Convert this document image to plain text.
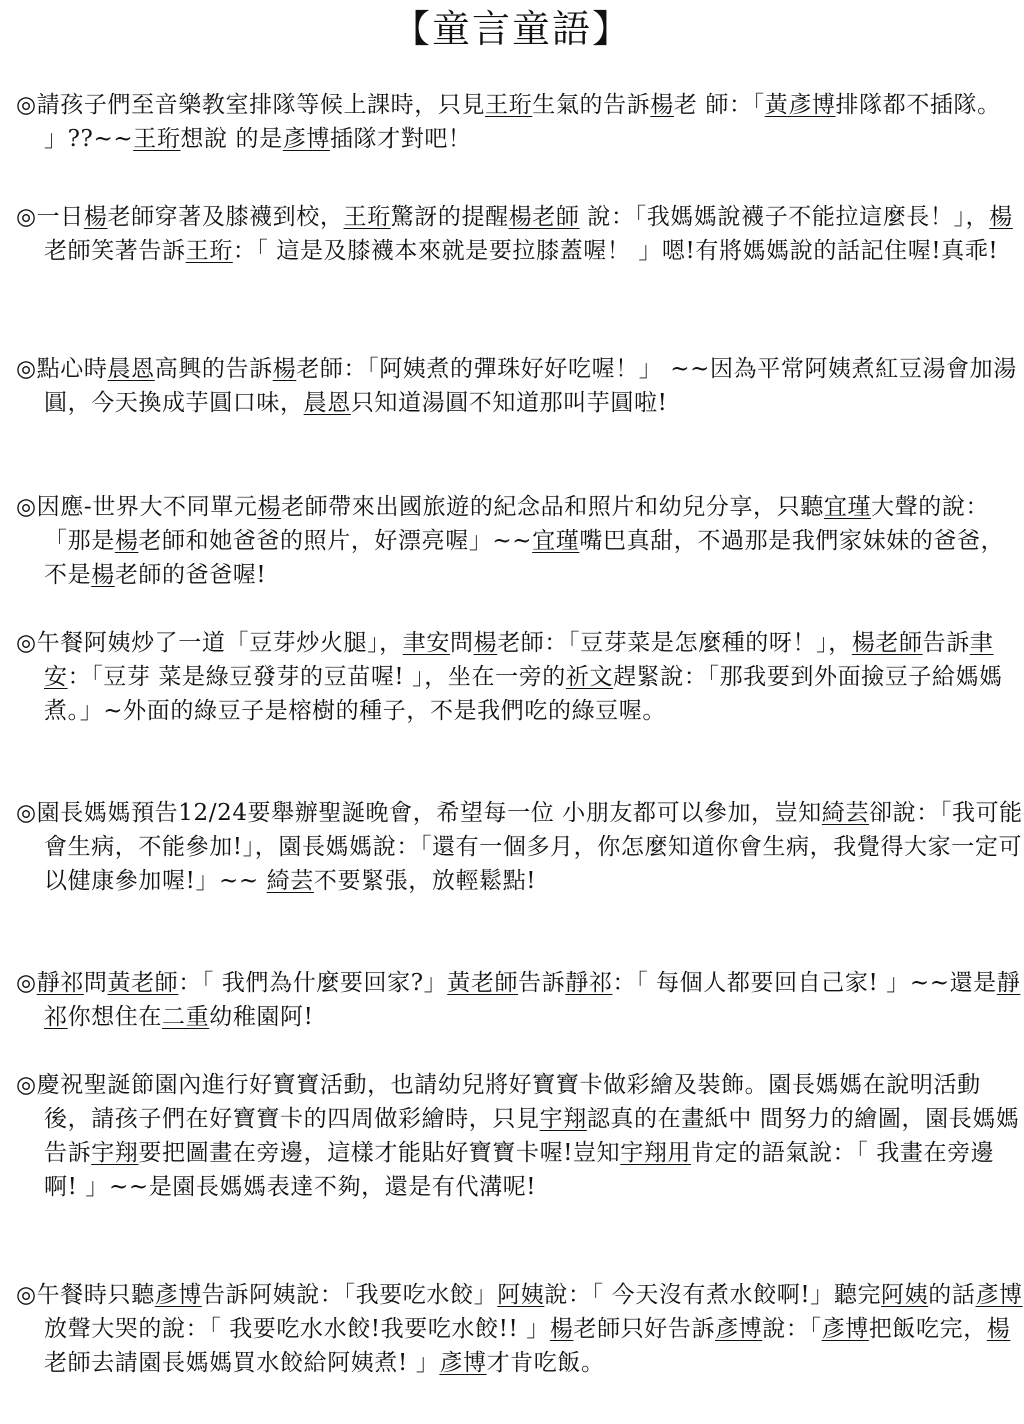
【童言童語】
◎請孩子們至音樂教室排隊等候上課時，只見王珩生氣的告訴楊老 師：「黃彥博排隊都不插隊。 」??~~王珩想說 的是彥博插隊才對吧！
◎一日楊老師穿著及膝襪到校，王珩驚訝的提醒楊老師 說：「我媽媽說襪子不能拉這麼長！」，楊老師笑著告訴王珩：「 這是及膝襪本來就是要拉膝蓋喔！ 」嗯!有將媽媽說的話記住喔!真乖!
◎點心時晨恩高興的告訴楊老師：「阿姨煮的彈珠好好吃喔！」 ~~因為平常阿姨煮紅豆湯會加湯圓，今天換成芋圓口味，晨恩只知道湯圓不知道那叫芋圓啦!
◎因應-世界大不同單元楊老師帶來出國旅遊的紀念品和照片和幼兒分享，只聽宜瑾大聲的說：「那是楊老師和她爸爸的照片，好漂亮喔」~~宜瑾嘴巴真甜，不過那是我們家妹妹的爸爸，不是楊老師的爸爸喔!
◎午餐阿姨炒了一道「豆芽炒火腿」，聿安問楊老師：「豆芽菜是怎麼種的呀！」，楊老師告訴聿安：「豆芽 菜是綠豆發芽的豆苗喔! 」，坐在一旁的祈文趕緊說：「那我要到外面撿豆子給媽媽煮。」~外面的綠豆子是榕樹的種子，不是我們吃的綠豆喔。
◎園長媽媽預告12/24要舉辦聖誕晚會，希望每一位 小朋友都可以參加，豈知綺芸卻說：「我可能會生病，不能參加!」，園長媽媽說：「還有一個多月，你怎麼知道你會生病，我覺得大家一定可以健康參加喔!」~~ 綺芸不要緊張，放輕鬆點!
◎靜祁問黃老師：「 我們為什麼要回家?」黃老師告訴靜祁：「 每個人都要回自己家! 」~~還是靜祁你想住在二重幼稚園阿!
◎慶祝聖誕節園內進行好寶寶活動，也請幼兒將好寶寶卡做彩繪及裝飾。園長媽媽在說明活動後，請孩子們在好寶寶卡的四周做彩繪時，只見宇翔認真的在畫紙中 間努力的繪圖，園長媽媽告訴宇翔要把圖畫在旁邊，這樣才能貼好寶寶卡喔!豈知宇翔用肯定的語氣說：「 我畫在旁邊啊! 」~~是園長媽媽表達不夠，還是有代溝呢!
◎午餐時只聽彥博告訴阿姨說：「我要吃水餃」阿姨說：「 今天沒有煮水餃啊!」聽完阿姨的話彥博放聲大哭的說：「 我要吃水水餃!我要吃水餃!! 」楊老師只好告訴彥博說：「彥博把飯吃完，楊老師去請園長媽媽買水餃給阿姨煮! 」彥博才肯吃飯。
